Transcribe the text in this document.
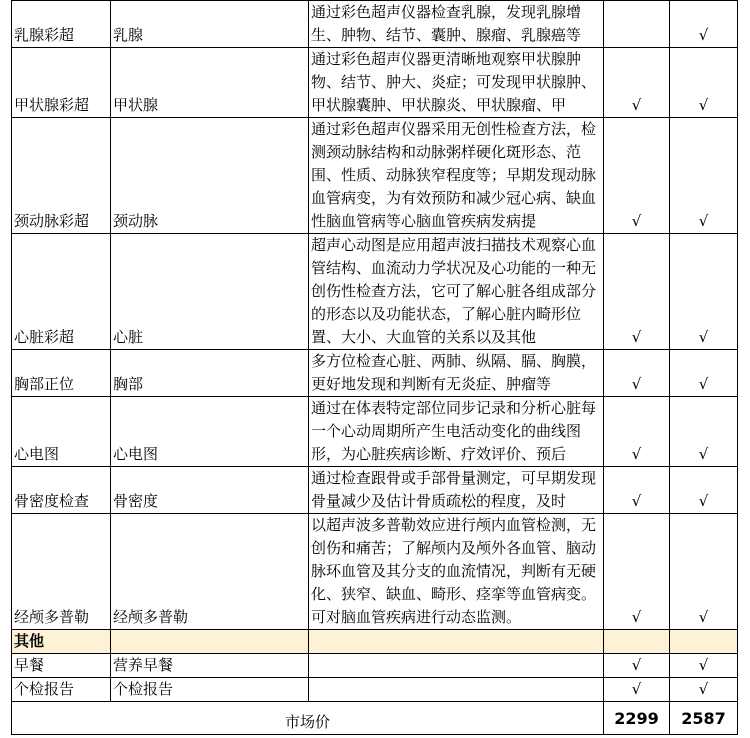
乳腺彩超	乳腺	通过彩色超声仪器检查乳腺，发现乳腺增生、肿物、结节、囊肿、腺瘤、乳腺癌等		√
甲状腺彩超	甲状腺	通过彩色超声仪器更清晰地观察甲状腺肿物、结节、肿大、炎症；可发现甲状腺肿、甲状腺囊肿、甲状腺炎、甲状腺瘤、甲	√	√
颈动脉彩超	颈动脉	通过彩色超声仪器采用无创性检查方法，检测颈动脉结构和动脉粥样硬化斑形态、范围、性质、动脉狭窄程度等；早期发现动脉血管病变，为有效预防和减少冠心病、缺血性脑血管病等心脑血管疾病发病提	√	√
心脏彩超	心脏	超声心动图是应用超声波扫描技术观察心血管结构、血流动力学状况及心功能的一种无创伤性检查方法，它可了解心脏各组成部分的形态以及功能状态，了解心脏内畸形位置、大小、大血管的关系以及其他	√	√
胸部正位	胸部	多方位检查心脏、两肺、纵隔、膈、胸膜，更好地发现和判断有无炎症、肿瘤等	√	√
心电图	心电图	通过在体表特定部位同步记录和分析心脏每一个心动周期所产生电活动变化的曲线图形，为心脏疾病诊断、疗效评价、预后	√	√
骨密度检查	骨密度	通过检查跟骨或手部骨量测定，可早期发现骨量减少及估计骨质疏松的程度，及时	√	√
经颅多普勒	经颅多普勒	以超声波多普勒效应进行颅内血管检测，无创伤和痛苦；了解颅内及颅外各血管、脑动脉环血管及其分支的血流情况，判断有无硬化、狭窄、缺血、畸形、痉挛等血管病变。可对脑血管疾病进行动态监测。	√	√
其他				
早餐	营养早餐		√	√
个检报告	个检报告		√	√
市场价			2299	2587
